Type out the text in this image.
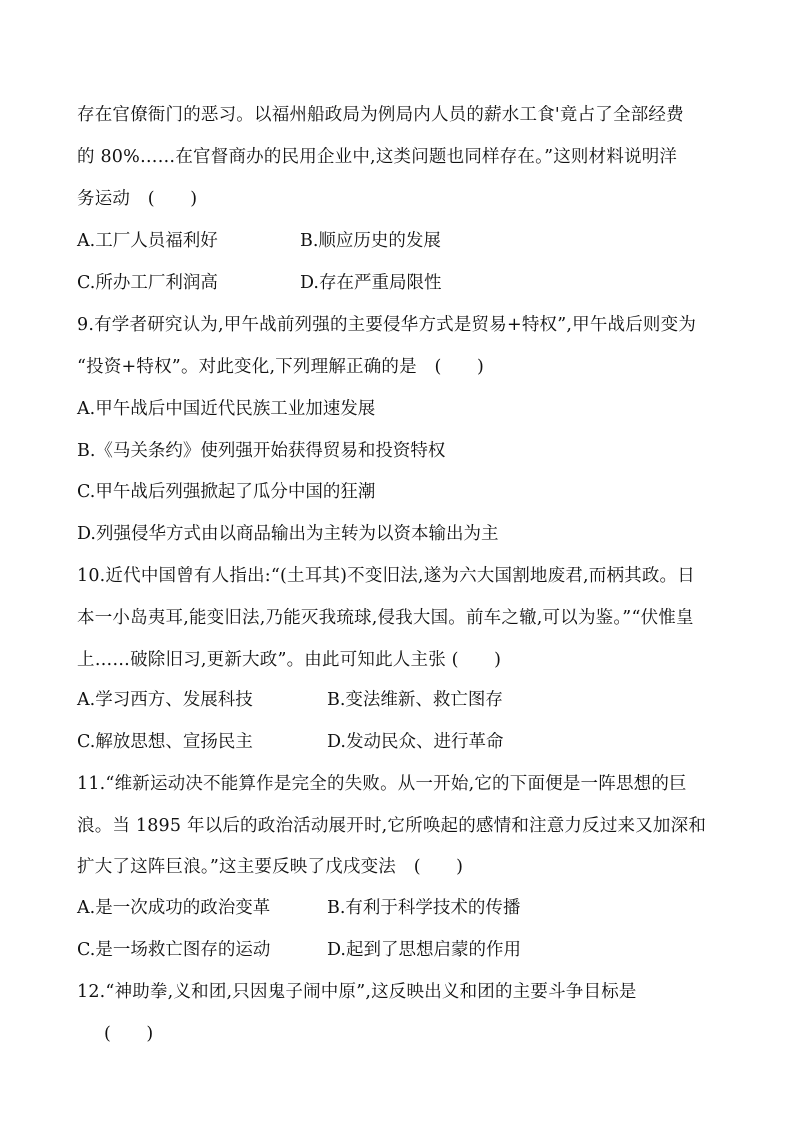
存在官僚衙门的恶习。以福州船政局为例局内人员的薪水工食'竟占了全部经费
的 80%……在官督商办的民用企业中,这类问题也同样存在。”这则材料说明洋
务运动　(　　)
A.工厂人员福利好	B.顺应历史的发展
C.所办工厂利润高	D.存在严重局限性
9.有学者研究认为,甲午战前列强的主要侵华方式是贸易+特权”,甲午战后则变为
“投资+特权”。对此变化,下列理解正确的是　(　　)
A.甲午战后中国近代民族工业加速发展
B.《马关条约》使列强开始获得贸易和投资特权
C.甲午战后列强掀起了瓜分中国的狂潮
D.列强侵华方式由以商品输出为主转为以资本输出为主
10.近代中国曾有人指出:“(土耳其)不变旧法,遂为六大国割地废君,而柄其政。日
本一小岛夷耳,能变旧法,乃能灭我琉球,侵我大国。前车之辙,可以为鉴。”“伏惟皇
上……破除旧习,更新大政”。由此可知此人主张 (　　)
A.学习西方、发展科技	B.变法维新、救亡图存
C.解放思想、宣扬民主	D.发动民众、进行革命
11.“维新运动决不能算作是完全的失败。从一开始,它的下面便是一阵思想的巨
浪。当 1895 年以后的政治活动展开时,它所唤起的感情和注意力反过来又加深和
扩大了这阵巨浪。”这主要反映了戊戌变法　(　　)
A.是一次成功的政治变革	B.有利于科学技术的传播
C.是一场救亡图存的运动	D.起到了思想启蒙的作用
12.“神助拳,义和团,只因鬼子闹中原”,这反映出义和团的主要斗争目标是
(　　)
